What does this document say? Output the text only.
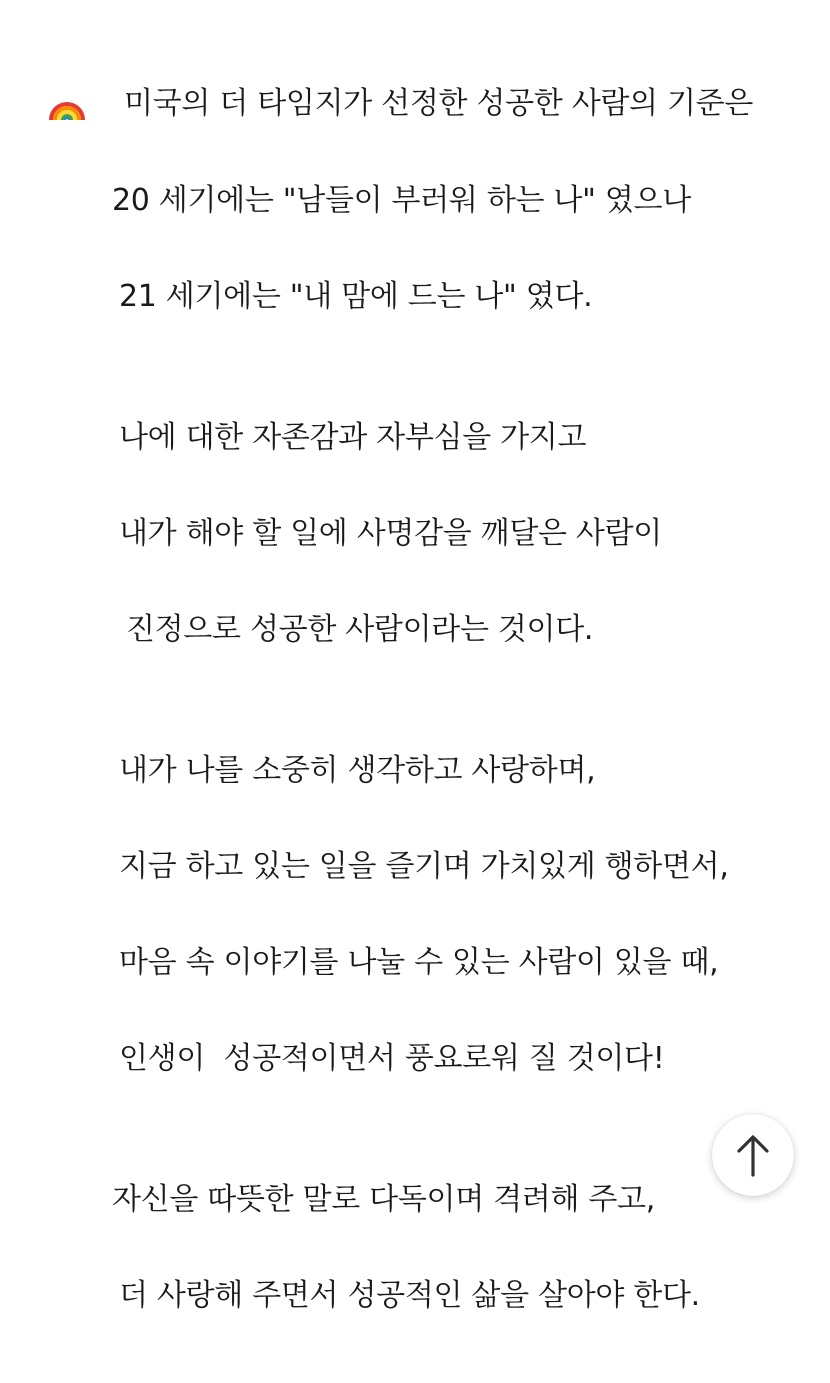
미국의 더 타임지가 선정한 성공한 사람의 기준은
20 세기에는 "남들이 부러워 하는 나" 였으나
21 세기에는 "내 맘에 드는 나" 였다.
나에 대한 자존감과 자부심을 가지고
내가 해야 할 일에 사명감을 깨달은 사람이
진정으로 성공한 사람이라는 것이다.
내가 나를 소중히 생각하고 사랑하며,
지금 하고 있는 일을 즐기며 가치있게 행하면서,
마음 속 이야기를 나눌 수 있는 사람이 있을 때,
인생이  성공적이면서 풍요로워 질 것이다!
자신을 따뜻한 말로 다독이며 격려해 주고,
더 사랑해 주면서 성공적인 삶을 살아야 한다.
